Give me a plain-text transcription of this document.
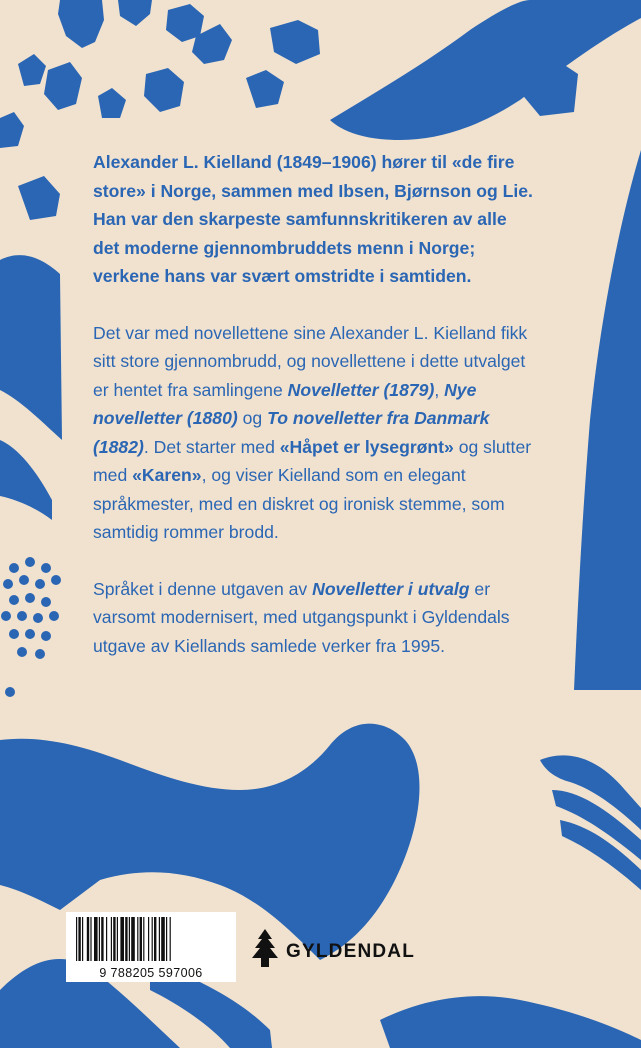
Alexander L. Kielland (1849–1906) hører til «de fire store» i Norge, sammen med Ibsen, Bjørnson og Lie. Han var den skarpeste samfunnskritikeren av alle det moderne gjennombruddets menn i Norge; verkene hans var svært omstridte i samtiden.

Det var med novellettene sine Alexander L. Kielland fikk sitt store gjennombrudd, og novellettene i dette utvalget er hentet fra samlingene Novelletter (1879), Nye novelletter (1880) og To novelletter fra Danmark (1882). Det starter med «Håpet er lysegrønt» og slutter med «Karen», og viser Kielland som en elegant språkmester, med en diskret og ironisk stemme, som samtidig rommer brodd.

Språket i denne utgaven av Novelletter i utvalg er varsomt modernisert, med utgangspunkt i Gyldendals utgave av Kiellands samlede verker fra 1995.

9 788205 597006
GYLDENDAL
